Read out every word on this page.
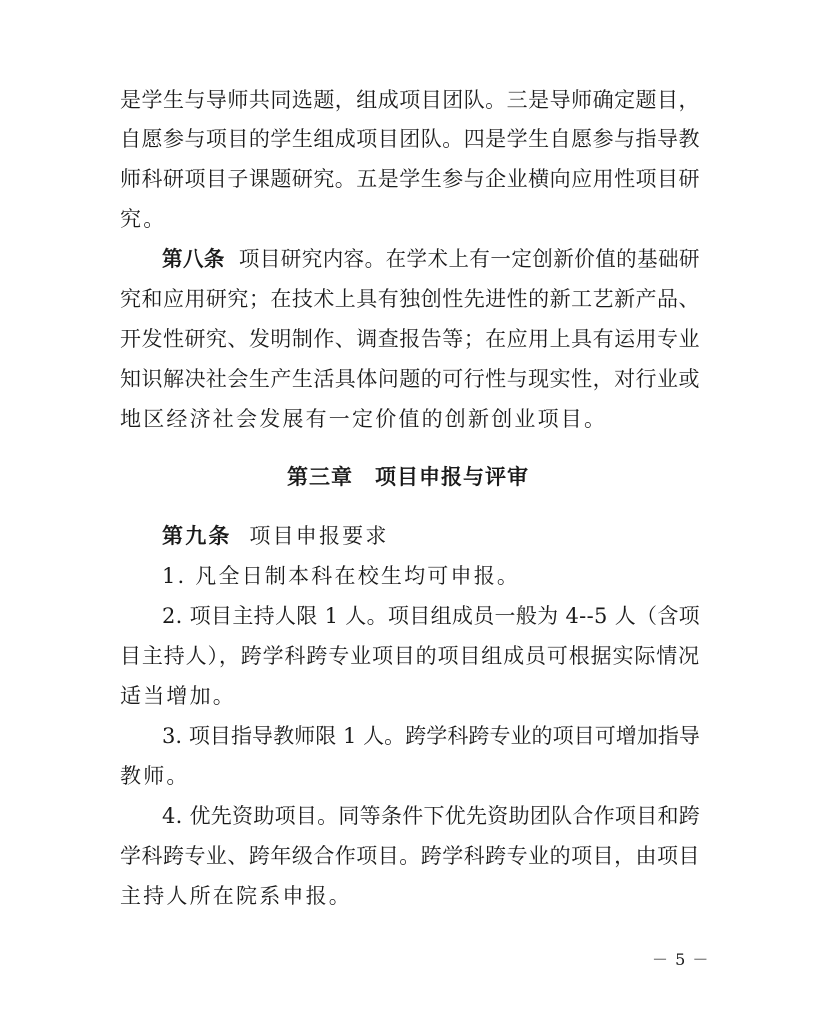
是学生与导师共同选题，组成项目团队。三是导师确定题目，
自愿参与项目的学生组成项目团队。四是学生自愿参与指导教
师科研项目子课题研究。五是学生参与企业横向应用性项目研
究。
第八条 项目研究内容。在学术上有一定创新价值的基础研
究和应用研究；在技术上具有独创性先进性的新工艺新产品、
开发性研究、发明制作、调查报告等；在应用上具有运用专业
知识解决社会生产生活具体问题的可行性与现实性，对行业或
地区经济社会发展有一定价值的创新创业项目。
第三章　项目申报与评审
第九条 项目申报要求
1. 凡全日制本科在校生均可申报。
2. 项目主持人限 1 人。项目组成员一般为 4--5 人（含项
目主持人），跨学科跨专业项目的项目组成员可根据实际情况
适当增加。
3. 项目指导教师限 1 人。跨学科跨专业的项目可增加指导
教师。
4. 优先资助项目。同等条件下优先资助团队合作项目和跨
学科跨专业、跨年级合作项目。跨学科跨专业的项目，由项目
主持人所在院系申报。
－ 5 －
